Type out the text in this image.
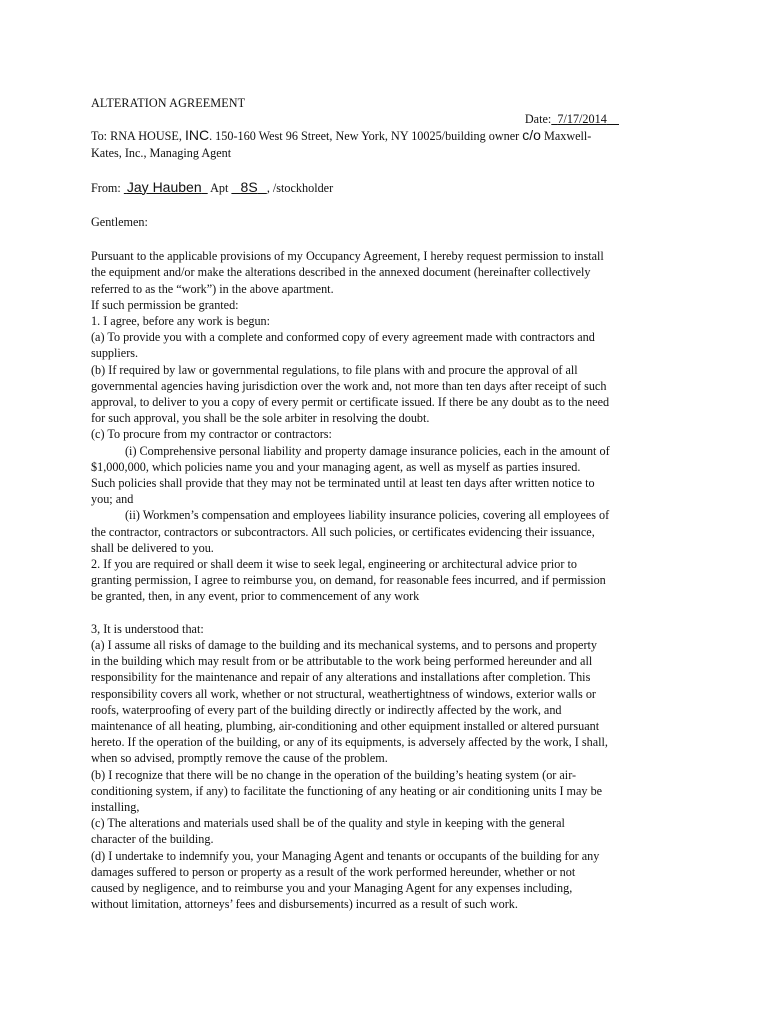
ALTERATION AGREEMENT
Date: 7/17/2014
To: RNA HOUSE, INC. 150-160 West 96 Street, New York, NY 10025/building owner c/o Maxwell-
Kates, Inc., Managing Agent
From:  Jay Hauben   Apt    8S , /stockholder
Gentlemen:
Pursuant to the applicable provisions of my Occupancy Agreement, I hereby request permission to install
the equipment and/or make the alterations described in the annexed document (hereinafter collectively
referred to as the “work”) in the above apartment.
If such permission be granted:
1. I agree, before any work is begun:
(a) To provide you with a complete and conformed copy of every agreement made with contractors and
suppliers.
(b) If required by law or governmental regulations, to file plans with and procure the approval of all
governmental agencies having jurisdiction over the work and, not more than ten days after receipt of such
approval, to deliver to you a copy of every permit or certificate issued. If there be any doubt as to the need
for such approval, you shall be the sole arbiter in resolving the doubt.
(c) To procure from my contractor or contractors:
(i) Comprehensive personal liability and property damage insurance policies, each in the amount of
$1,000,000, which policies name you and your managing agent, as well as myself as parties insured.
Such policies shall provide that they may not be terminated until at least ten days after written notice to
you; and
(ii) Workmen’s compensation and employees liability insurance policies, covering all employees of
the contractor, contractors or subcontractors. All such policies, or certificates evidencing their issuance,
shall be delivered to you.
2. If you are required or shall deem it wise to seek legal, engineering or architectural advice prior to
granting permission, I agree to reimburse you, on demand, for reasonable fees incurred, and if permission
be granted, then, in any event, prior to commencement of any work
3, It is understood that:
(a) I assume all risks of damage to the building and its mechanical systems, and to persons and property
in the building which may result from or be attributable to the work being performed hereunder and all
responsibility for the maintenance and repair of any alterations and installations after completion. This
responsibility covers all work, whether or not structural, weathertightness of windows, exterior walls or
roofs, waterproofing of every part of the building directly or indirectly affected by the work, and
maintenance of all heating, plumbing, air-conditioning and other equipment installed or altered pursuant
hereto. If the operation of the building, or any of its equipments, is adversely affected by the work, I shall,
when so advised, promptly remove the cause of the problem.
(b) I recognize that there will be no change in the operation of the building’s heating system (or air-
conditioning system, if any) to facilitate the functioning of any heating or air conditioning units I may be
installing,
(c) The alterations and materials used shall be of the quality and style in keeping with the general
character of the building.
(d) I undertake to indemnify you, your Managing Agent and tenants or occupants of the building for any
damages suffered to person or property as a result of the work performed hereunder, whether or not
caused by negligence, and to reimburse you and your Managing Agent for any expenses including,
without limitation, attorneys’ fees and disbursements) incurred as a result of such work.
